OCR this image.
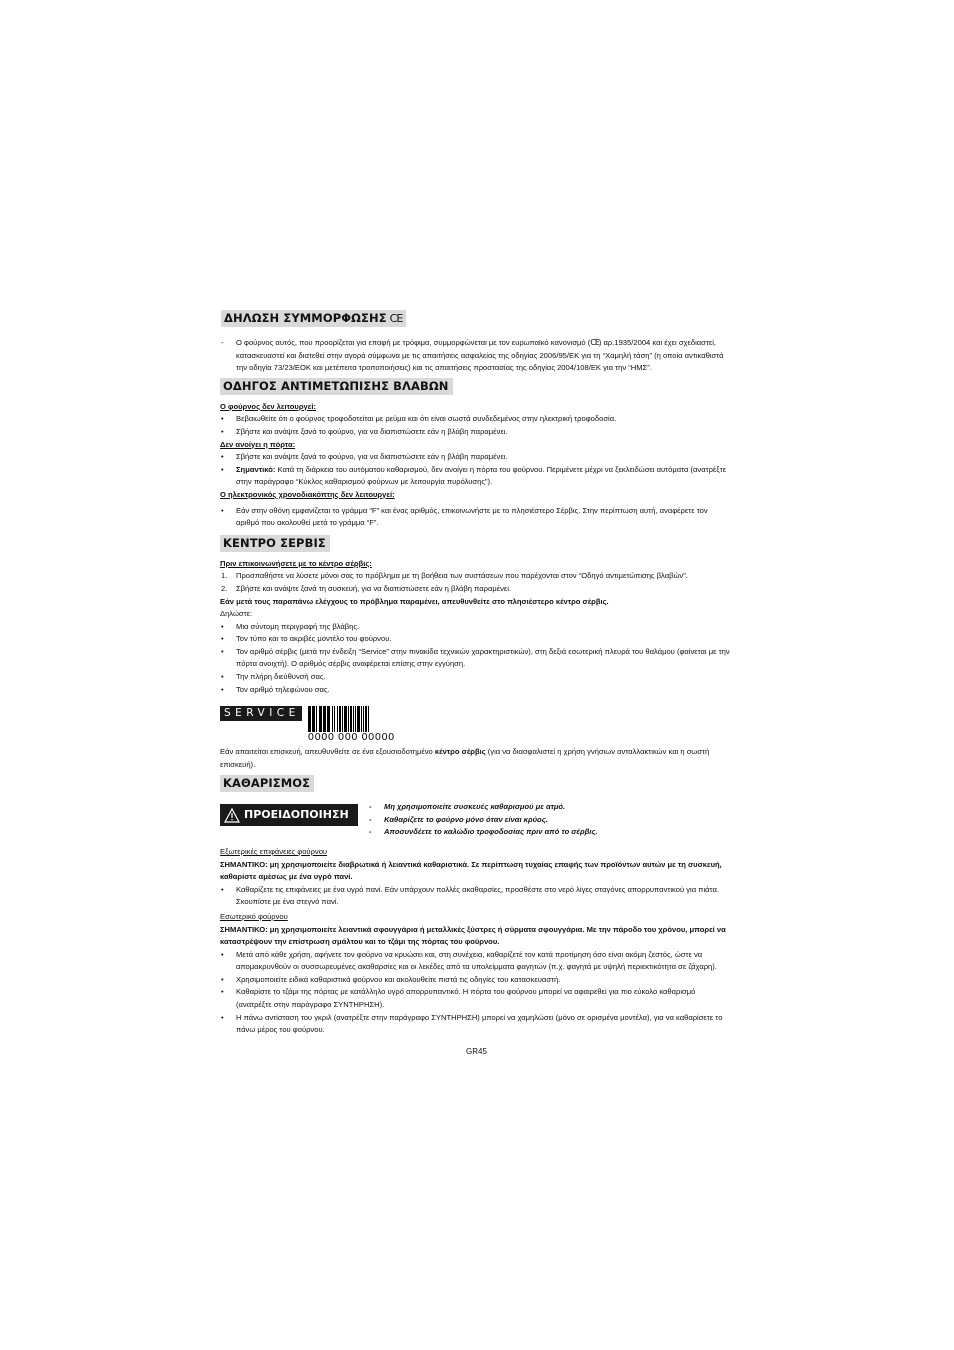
ΔΗΛΩΣΗ ΣΥΜΜΟΡΦΩΣΗΣ CE
- Ο φούρνος αυτός, που προορίζεται για επαφή με τρόφιμα, συμμορφώνεται με τον ευρωπαϊκό κανονισμό (CE) αρ.1935/2004 και έχει σχεδιαστεί, κατασκευαστεί και διατεθεί στην αγορά σύμφωνα με τις απαιτήσεις ασφαλείας της οδηγίας 2006/95/ΕΚ για τη “Χαμηλή τάση” (η οποία αντικαθιστά την οδηγία 73/23/ΕΟΚ και μετέπειτα τροποποιήσεις) και τις απαιτήσεις προστασίας της οδηγίας 2004/108/ΕΚ για την “ΗΜΣ”.
ΟΔΗΓΟΣ ΑΝΤΙΜΕΤΩΠΙΣΗΣ ΒΛΑΒΩΝ

Ο φούρνος δεν λειτουργεί:

• Βεβαιωθείτε ότι ο φούρνος τροφοδοτείται με ρεύμα και ότι είναι σωστά συνδεδεμένος στην ηλεκτρική τροφοδοσία.
• Σβήστε και ανάψτε ξανά το φούρνο, για να διαπιστώσετε εάν η βλάβη παραμένει.

Δεν ανοίγει η πόρτα:

• Σβήστε και ανάψτε ξανά το φούρνο, για να διαπιστώσετε εάν η βλάβη παραμένει.
• Σημαντικό: Κατά τη διάρκεια του αυτόματου καθαρισμού, δεν ανοίγει η πόρτα του φούρνου. Περιμένετε μέχρι να ξεκλειδώσει αυτόματα (ανατρέξτε στην παράγραφο “Κύκλος καθαρισμού φούρνων με λειτουργία πυρόλυσης”).

Ο ηλεκτρονικός χρονοδιακόπτης δεν λειτουργεί:

• Εάν στην οθόνη εμφανίζεται το γράμμα “F” και ένας αριθμός, επικοινωνήστε με το πλησιέστερο Σέρβις. Στην περίπτωση αυτή, αναφέρετε τον αριθμό που ακολουθεί μετά το γράμμα “F”.
ΚΕΝΤΡΟ ΣΕΡΒΙΣ

Πριν επικοινωνήσετε με το κέντρο σέρβις:

1. Προσπαθήστε να λύσετε μόνοι σας το πρόβλημα με τη βοήθεια των συστάσεων που παρέχονται στον “Οδηγό αντιμετώπισης βλαβών”.
2. Σβήστε και ανάψτε ξανά τη συσκευή, για να διαπιστώσετε εάν η βλάβη παραμένει.

Εάν μετά τους παραπάνω ελέγχους το πρόβλημα παραμένει, απευθυνθείτε στο πλησιέστερο κέντρο σέρβις.

Δηλώστε:

• Μια σύντομη περιγραφή της βλάβης.
• Τον τύπο και το ακριβές μοντέλο του φούρνου.
• Τον αριθμό σέρβις (μετά την ένδειξη “Service” στην πινακίδα τεχνικών χαρακτηριστικών), στη δεξιά εσωτερική πλευρά του θαλάμου (φαίνεται με την πόρτα ανοιχτή). Ο αριθμός σέρβις αναφέρεται επίσης στην εγγύηση.
• Την πλήρη διεύθυνσή σας.
• Τον αριθμό τηλεφώνου σας.
SERVICE
0000 000 00000

Εάν απαιτείται επισκευή, απευθυνθείτε σε ένα εξουσιοδοτημένο κέντρο σέρβις (για να διασφαλιστεί η χρήση γνήσιων ανταλλακτικών και η σωστή επισκευή).

ΚΑΘΑΡΙΣΜΟΣ
ΠΡΟΕΙΔΟΠΟΙΗΣΗ
- Μη χρησιμοποιείτε συσκευές καθαρισμού με ατμό.
- Καθαρίζετε το φούρνο μόνο όταν είναι κρύος.
- Αποσυνδέετε το καλώδιο τροφοδοσίας πριν από το σέρβις.

Εξωτερικές επιφάνειες φούρνου

ΣΗΜΑΝΤΙΚΟ: μη χρησιμοποιείτε διαβρωτικά ή λειαντικά καθαριστικά. Σε περίπτωση τυχαίας επαφής των προϊόντων αυτών με τη συσκευή, καθαρίστε αμέσως με ένα υγρό πανί.

• Καθαρίζετε τις επιφάνειες με ένα υγρό πανί. Εάν υπάρχουν πολλές ακαθαρσίες, προσθέστε στο νερό λίγες σταγόνες απορρυπαντικού για πιάτα. Σκουπίστε με ένα στεγνό πανί.

Εσωτερικό φούρνου

ΣΗΜΑΝΤΙΚΟ: μη χρησιμοποιείτε λειαντικά σφουγγάρια ή μεταλλικές ξύστρες ή σύρματα σφουγγάρια. Με την πάροδο του χρόνου, μπορεί να καταστρέψουν την επίστρωση σμάλτου και το τζάμι της πόρτας του φούρνου.

• Μετά από κάθε χρήση, αφήνετε τον φούρνο να κρυώσει και, στη συνέχεια, καθαρίζετέ τον κατά προτίμηση όσο είναι ακόμη ζεστός, ώστε να απομακρυνθούν οι συσσωρευμένες ακαθαρσίες και οι λεκέδες από τα υπολείμματα φαγητών (π.χ. φαγητά με υψηλή περιεκτικότητα σε ζάχαρη).
• Χρησιμοποιείτε ειδικά καθαριστικά φούρνου και ακολουθείτε πιστά τις οδηγίες του κατασκευαστή.
• Καθαρίστε το τζάμι της πόρτας με κατάλληλο υγρό απορρυπαντικό. Η πόρτα του φούρνου μπορεί να αφαιρεθεί για πιο εύκολο καθαρισμό (ανατρέξτε στην παράγραφο ΣΥΝΤΗΡΗΣΗ).
• Η πάνω αντίσταση του γκριλ (ανατρέξτε στην παράγραφο ΣΥΝΤΗΡΗΣΗ) μπορεί να χαμηλώσει (μόνο σε ορισμένα μοντέλα), για να καθαρίσετε το πάνω μέρος του φούρνου.
GR45
